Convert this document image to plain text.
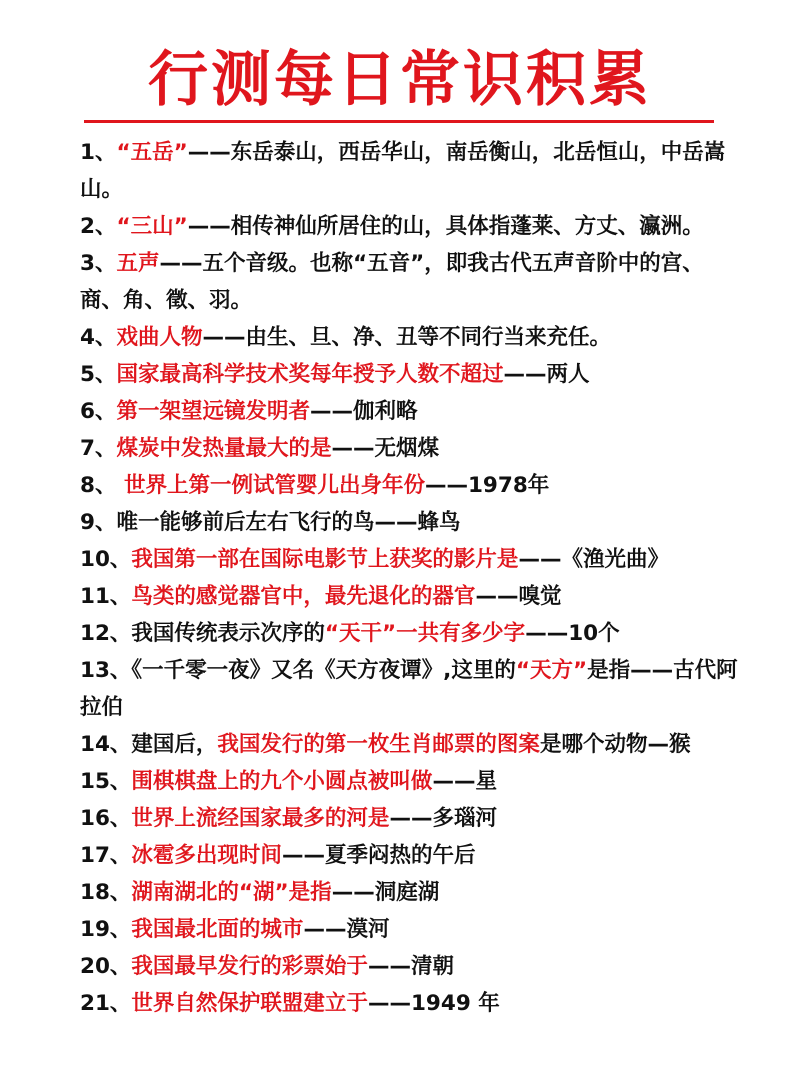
行测每日常识积累
1、“五岳”——东岳泰山，西岳华山，南岳衡山，北岳恒山，中岳嵩山。
2、“三山”——相传神仙所居住的山，具体指蓬莱、方丈、瀛洲。
3、五声——五个音级。也称“五音”，即我古代五声音阶中的宫、商、角、徵、羽。
4、戏曲人物——由生、旦、净、丑等不同行当来充任。
5、国家最高科学技术奖每年授予人数不超过——两人
6、第一架望远镜发明者——伽利略
7、煤炭中发热量最大的是——无烟煤
8、 世界上第一例试管婴儿出身年份——1978年
9、唯一能够前后左右飞行的鸟——蜂鸟
10、我国第一部在国际电影节上获奖的影片是——《渔光曲》
11、鸟类的感觉器官中，最先退化的器官——嗅觉
12、我国传统表示次序的“天干”一共有多少字——10个
13、《一千零一夜》又名《天方夜谭》,这里的“天方”是指——古代阿拉伯
14、建国后，我国发行的第一枚生肖邮票的图案是哪个动物—猴
15、围棋棋盘上的九个小圆点被叫做——星
16、世界上流经国家最多的河是——多瑙河
17、冰雹多出现时间——夏季闷热的午后
18、湖南湖北的“湖”是指——洞庭湖
19、我国最北面的城市——漠河
20、我国最早发行的彩票始于——清朝
21、世界自然保护联盟建立于——1949 年
